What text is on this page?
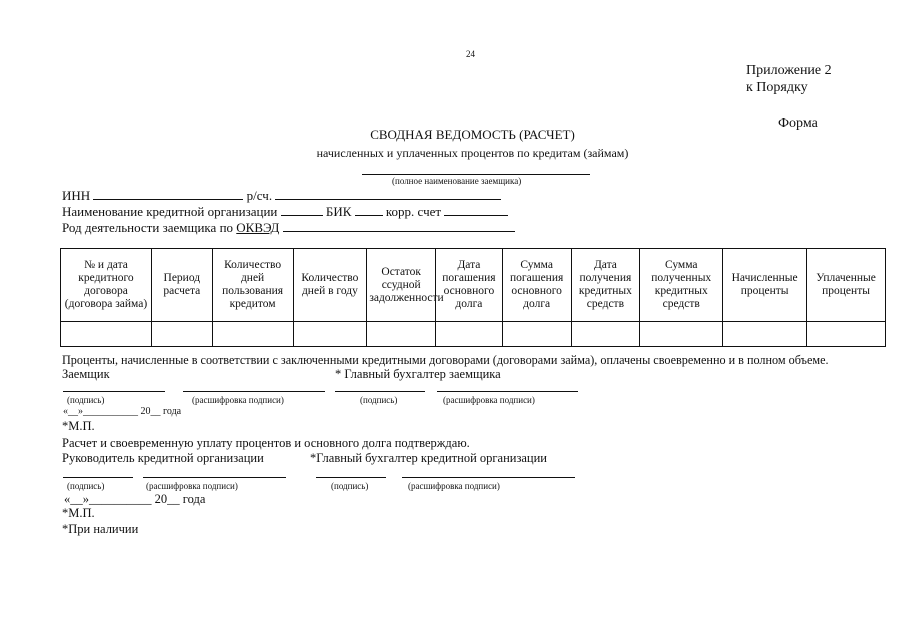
24
Приложение 2
к Порядку
Форма
СВОДНАЯ ВЕДОМОСТЬ (РАСЧЕТ)
начисленных и уплаченных процентов по кредитам (займам)
(полное наименование заемщика)
ИНН	р/сч.
Наименование кредитной организации	БИК	корр. счет
Род деятельности заемщика по ОКВЭД
№ и дата кредитного договора (договора займа)	Период расчета	Количество дней пользования кредитом	Количество дней в году	Остаток ссудной задолженности	Дата погашения основного долга	Сумма погашения основного долга	Дата получения кредитных средств	Сумма полученных кредитных средств	Начисленные проценты	Уплаченные проценты

Проценты, начисленные в соответствии с заключенными кредитными договорами (договорами займа), оплачены своевременно и в полном объеме.
Заемщик	* Главный бухгалтер заемщика
(подпись)	(расшифровка подписи)	(подпись)	(расшифровка подписи)
«__»___________ 20__ года
*М.П.
Расчет и своевременную уплату процентов и основного долга подтверждаю.
Руководитель кредитной организации	*Главный бухгалтер кредитной организации
(подпись)	(расшифровка подписи)	(подпись)	(расшифровка подписи)
«__»__________ 20__ года
*М.П.
*При наличии
